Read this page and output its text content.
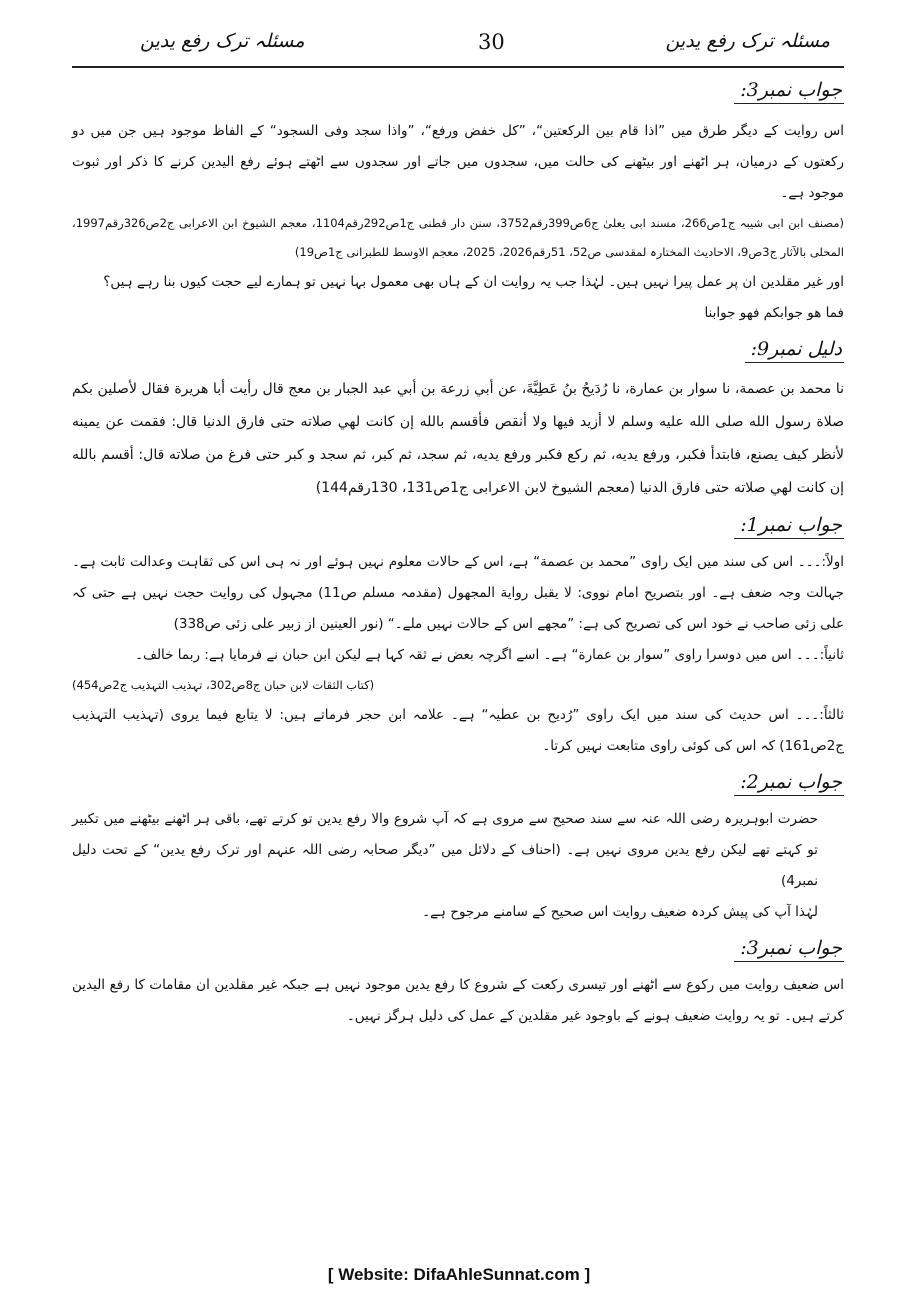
مسئلہ ترک رفع یدین
30
مسئلہ ترک رفع یدین
جواب نمبر3:

اس روایت کے دیگر طرق میں ”اذا قام بین الرکعتین“، ”کل خفض ورفع“، ”واذا سجد وفی السجود“ کے الفاظ موجود ہیں جن میں دو رکعتوں کے درمیان، ہر اٹھنے اور بیٹھنے کی حالت میں، سجدوں میں جاتے اور سجدوں سے اٹھتے ہوئے رفع الیدین کرنے کا ذکر اور ثبوت موجود ہے۔

(مصنف ابن ابی شیبہ ج1ص266، مسند ابی یعلیٰ ج6ص399رقم3752، سنن دار قطنی ج1ص292رقم1104، معجم الشیوخ ابن الاعرابی ج2ص326رقم1997، المحلی بالآثار ج3ص9، الاحادیث المختارہ لمقدسی ص52، 51رقم2026، 2025، معجم الاوسط للطبرانی ج1ص19)

اور غیر مقلدین ان پر عمل پیرا نہیں ہیں۔ لہٰذا جب یہ روایت ان کے ہاں بھی معمول بہا نہیں تو ہمارے لیے حجت کیوں بنا رہے ہیں؟

فما ھو جوابکم فھو جوابنا

دلیل نمبر9:

نا محمد بن عصمة، نا سوار بن عمارة، نا رُدَیحُ بنُ عَطِیَّةَ، عن أبي زرعة بن أبي عبد الجبار بن معج قال رأیت أبا ھریرة فقال لأصلین بکم صلاة رسول الله صلی الله علیه وسلم لا أزید فیھا ولا أنقص فأقسم بالله إن کانت لھي صلاته حتی فارق الدنیا قال: فقمت عن یمینه لأنظر کیف یصنع، فابتدأ فکبر، ورفع یدیه، ثم رکع فکبر ورفع یدیه، ثم سجد، ثم کبر، ثم سجد و کبر حتی فرغ من صلاته قال: أقسم بالله إن کانت لھي صلاته حتی فارق الدنیا (معجم الشیوخ لابن الاعرابی ج1ص131، 130رقم144)

جواب نمبر1:

اولاً:۔۔۔ اس کی سند میں ایک راوی ”محمد بن عصمة“ ہے، اس کے حالات معلوم نہیں ہوئے اور نہ ہی اس کی ثقاہت وعدالت ثابت ہے۔ جہالت وجہ ضعف ہے۔ اور بتصریح امام نووی: لا یقبل روایة المجھول (مقدمہ مسلم ص11) مجہول کی روایت حجت نہیں ہے حتی کہ علی زئی صاحب نے خود اس کی تصریح کی ہے: ”مجھے اس کے حالات نہیں ملے۔“ (نور العینین از زبیر علی زئی ص338)

ثانیاً:۔۔۔ اس میں دوسرا راوی ”سوار بن عمارة“ ہے۔ اسے اگرچہ بعض نے ثقہ کہا ہے لیکن ابن حبان نے فرمایا ہے: ربما خالف۔

(کتاب الثقات لابن حبان ج8ص302، تہذیب التہذیب ج2ص454)

ثالثاً:۔۔۔ اس حدیث کی سند میں ایک راوی ”رُدیح بن عطیہ“ ہے۔ علامہ ابن حجر فرماتے ہیں: لا یتابع فیما یروی (تہذیب التہذیب ج2ص161) کہ اس کی کوئی راوی متابعت نہیں کرتا۔

جواب نمبر2:

حضرت ابوہریرہ رضی اللہ عنہ سے سند صحیح سے مروی ہے کہ آپ شروع والا رفع یدین تو کرتے تھے، باقی ہر اٹھنے بیٹھنے میں تکبیر تو کہتے تھے لیکن رفع یدین مروی نہیں ہے۔ (احناف کے دلائل میں ”دیگر صحابہ رضی اللہ عنہم اور ترک رفع یدین“ کے تحت دلیل نمبر4)

لہٰذا آپ کی پیش کردہ ضعیف روایت اس صحیح کے سامنے مرجوح ہے۔

جواب نمبر3:

اس ضعیف روایت میں رکوع سے اٹھنے اور تیسری رکعت کے شروع کا رفع یدین موجود نہیں ہے جبکہ غیر مقلدین ان مقامات کا رفع الیدین کرتے ہیں۔ تو یہ روایت ضعیف ہونے کے باوجود غیر مقلدین کے عمل کی دلیل ہرگز نہیں۔

[ Website: DifaAhleSunnat.com ]
